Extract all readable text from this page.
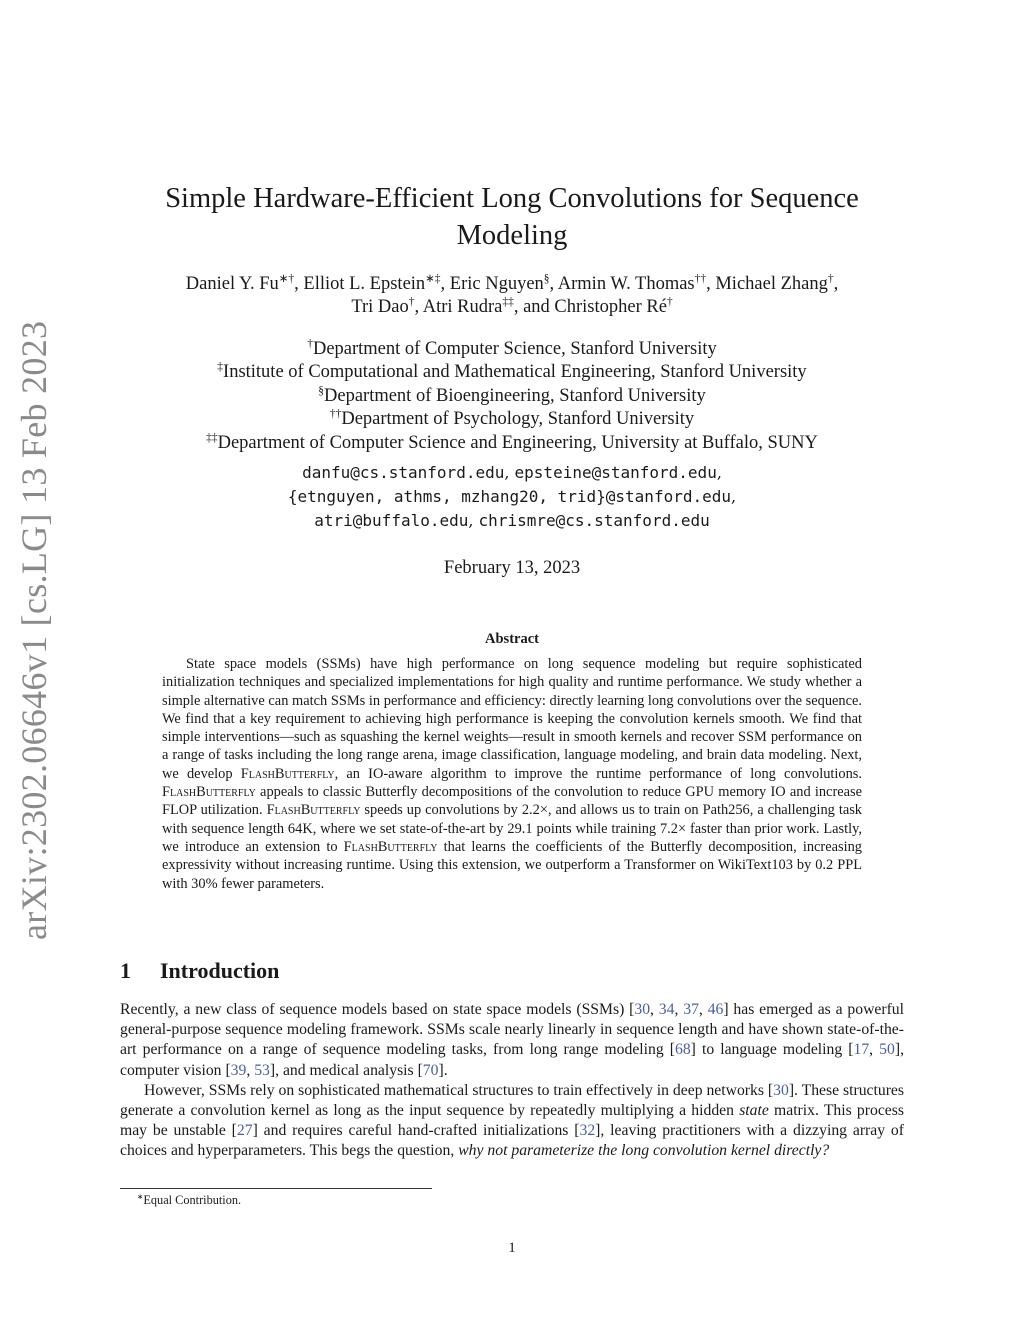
arXiv:2302.06646v1 [cs.LG] 13 Feb 2023
Simple Hardware-Efficient Long Convolutions for Sequence
Modeling
Daniel Y. Fu∗†, Elliot L. Epstein∗‡, Eric Nguyen§, Armin W. Thomas††, Michael Zhang†,
Tri Dao†, Atri Rudra‡‡, and Christopher Ré†
†Department of Computer Science, Stanford University
‡Institute of Computational and Mathematical Engineering, Stanford University
§Department of Bioengineering, Stanford University
††Department of Psychology, Stanford University
‡‡Department of Computer Science and Engineering, University at Buffalo, SUNY
danfu@cs.stanford.edu, epsteine@stanford.edu,
{etnguyen, athms, mzhang20, trid}@stanford.edu,
atri@buffalo.edu, chrismre@cs.stanford.edu
February 13, 2023
Abstract
State space models (SSMs) have high performance on long sequence modeling but require sophisticated initialization techniques and specialized implementations for high quality and runtime performance. We study whether a simple alternative can match SSMs in performance and efficiency: directly learning long convolutions over the sequence. We find that a key requirement to achieving high performance is keeping the convolution kernels smooth. We find that simple interventions—such as squashing the kernel weights—result in smooth kernels and recover SSM performance on a range of tasks including the long range arena, image classification, language modeling, and brain data modeling. Next, we develop FlashButterfly, an IO-aware algorithm to improve the runtime performance of long convolutions. FlashButterfly appeals to classic Butterfly decompositions of the convolution to reduce GPU memory IO and increase FLOP utilization. FlashButterfly speeds up convolutions by 2.2×, and allows us to train on Path256, a challenging task with sequence length 64K, where we set state-of-the-art by 29.1 points while training 7.2× faster than prior work. Lastly, we introduce an extension to FlashButterfly that learns the coefficients of the Butterfly decomposition, increasing expressivity without increasing runtime. Using this extension, we outperform a Transformer on WikiText103 by 0.2 PPL with 30% fewer parameters.
1 Introduction

Recently, a new class of sequence models based on state space models (SSMs) [30, 34, 37, 46] has emerged as a powerful general-purpose sequence modeling framework. SSMs scale nearly linearly in sequence length and have shown state-of-the-art performance on a range of sequence modeling tasks, from long range modeling [68] to language modeling [17, 50], computer vision [39, 53], and medical analysis [70].

However, SSMs rely on sophisticated mathematical structures to train effectively in deep networks [30]. These structures generate a convolution kernel as long as the input sequence by repeatedly multiplying a hidden state matrix. This process may be unstable [27] and requires careful hand-crafted initializations [32], leaving practitioners with a dizzying array of choices and hyperparameters. This begs the question, why not parameterize the long convolution kernel directly?

∗Equal Contribution.
1
